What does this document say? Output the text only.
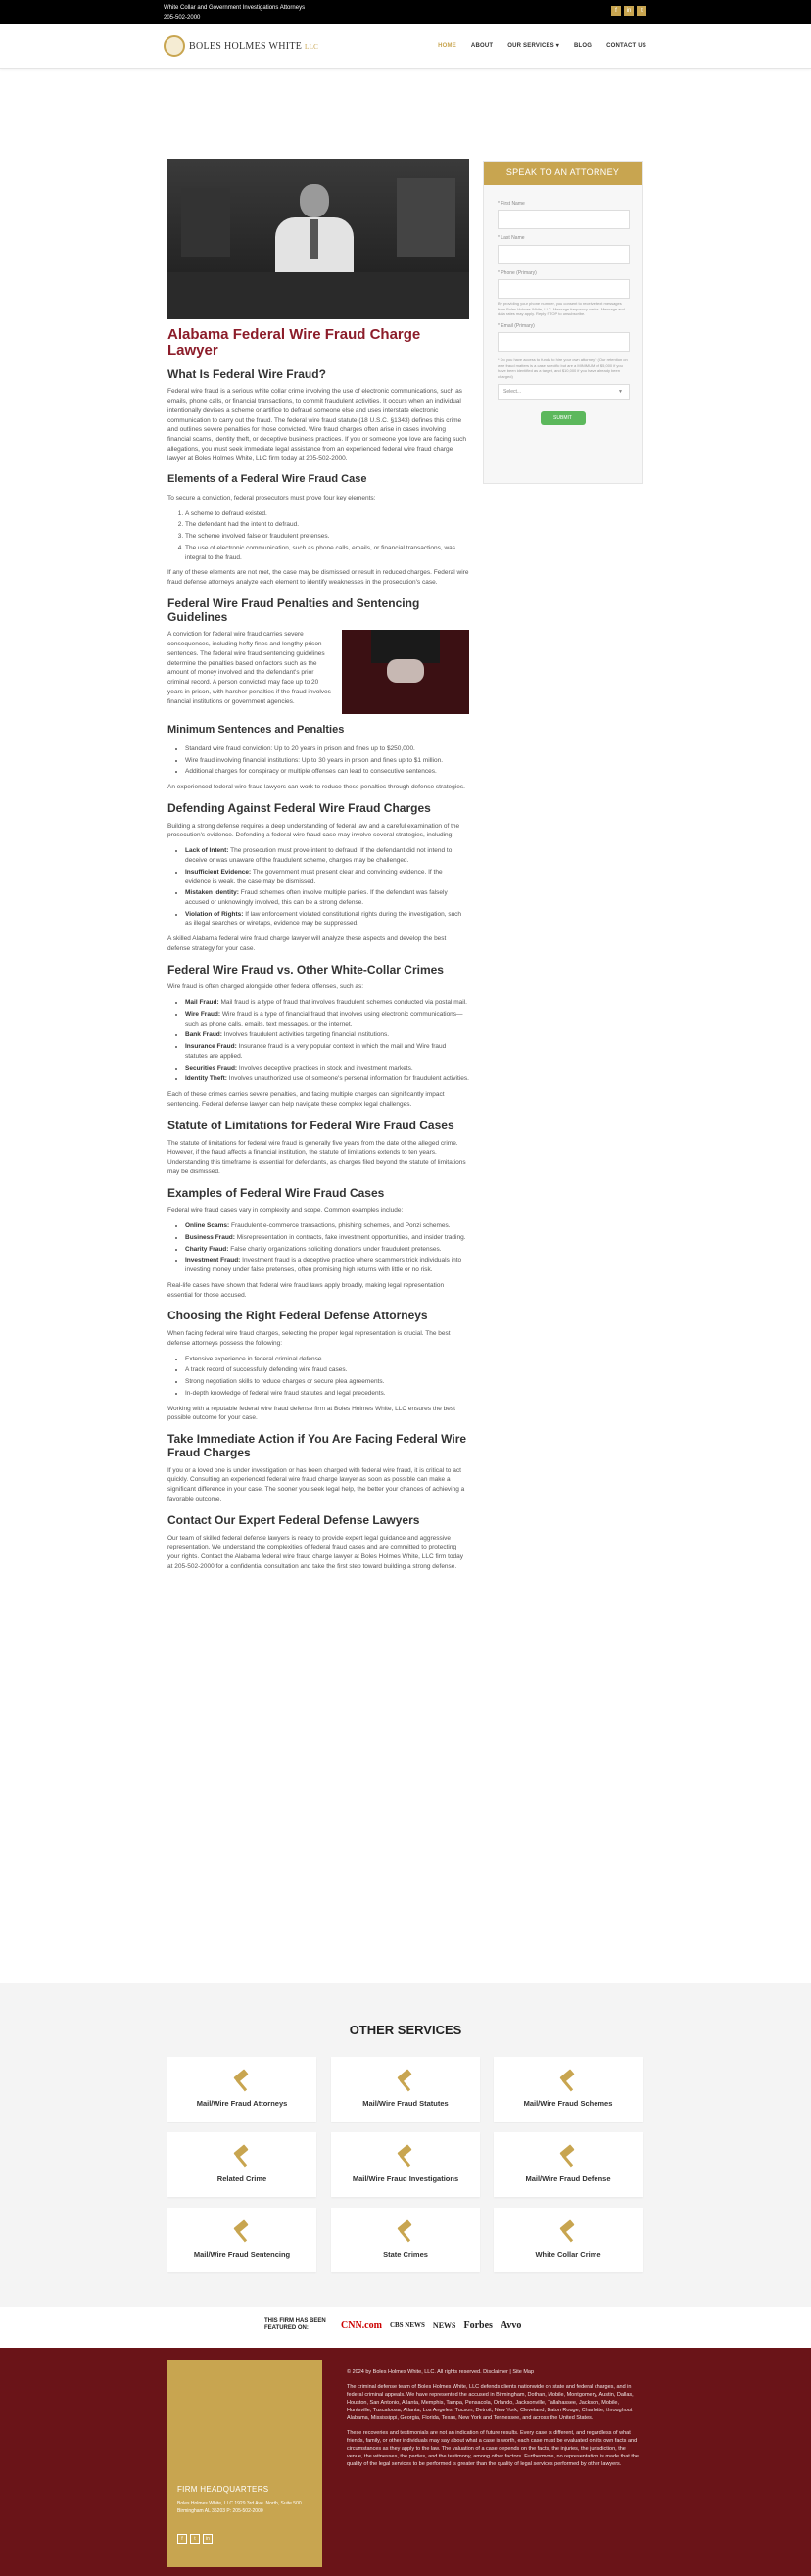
White Collar and Government Investigations Attorneys
205-502-2000
f	in	t
BOLES HOLMES WHITE LLC	HOME	ABOUT	OUR SERVICES ▾	BLOG	CONTACT US
Alabama Federal Wire Fraud Charge Lawyer
What Is Federal Wire Fraud?

Federal wire fraud is a serious white collar crime involving the use of electronic communications, such as emails, phone calls, or financial transactions, to commit fraudulent activities. It occurs when an individual intentionally devises a scheme or artifice to defraud someone else and uses interstate electronic communication to carry out the fraud. The federal wire fraud statute (18 U.S.C. §1343) defines this crime and outlines severe penalties for those convicted. Wire fraud charges often arise in cases involving financial scams, identity theft, or deceptive business practices. If you or someone you love are facing such allegations, you must seek immediate legal assistance from an experienced federal wire fraud charge lawyer at Boles Holmes White, LLC firm today at 205-502-2000.

Elements of a Federal Wire Fraud Case

To secure a conviction, federal prosecutors must prove four key elements:

1. A scheme to defraud existed.
2. The defendant had the intent to defraud.
3. The scheme involved false or fraudulent pretenses.
4. The use of electronic communication, such as phone calls, emails, or financial transactions, was integral to the fraud.

If any of these elements are not met, the case may be dismissed or result in reduced charges. Federal wire fraud defense attorneys analyze each element to identify weaknesses in the prosecution's case.

Federal Wire Fraud Penalties and Sentencing Guidelines

A conviction for federal wire fraud carries severe consequences, including hefty fines and lengthy prison sentences. The federal wire fraud sentencing guidelines determine the penalties based on factors such as the amount of money involved and the defendant's prior criminal record. A person convicted may face up to 20 years in prison, with harsher penalties if the fraud involves financial institutions or government agencies.

Minimum Sentences and Penalties
• Standard wire fraud conviction: Up to 20 years in prison and fines up to $250,000.
• Wire fraud involving financial institutions: Up to 30 years in prison and fines up to $1 million.
• Additional charges for conspiracy or multiple offenses can lead to consecutive sentences.

An experienced federal wire fraud lawyers can work to reduce these penalties through defense strategies.

Defending Against Federal Wire Fraud Charges

Building a strong defense requires a deep understanding of federal law and a careful examination of the prosecution's evidence. Defending a federal wire fraud case may involve several strategies, including:

• Lack of Intent: The prosecution must prove intent to defraud. If the defendant did not intend to deceive or was unaware of the fraudulent scheme, charges may be challenged.
• Insufficient Evidence: The government must present clear and convincing evidence. If the evidence is weak, the case may be dismissed.
• Mistaken Identity: Fraud schemes often involve multiple parties. If the defendant was falsely accused or unknowingly involved, this can be a strong defense.
• Violation of Rights: If law enforcement violated constitutional rights during the investigation, such as illegal searches or wiretaps, evidence may be suppressed.

A skilled Alabama federal wire fraud charge lawyer will analyze these aspects and develop the best defense strategy for your case.

Federal Wire Fraud vs. Other White-Collar Crimes

Wire fraud is often charged alongside other federal offenses, such as:

• Mail Fraud: Mail fraud is a type of fraud that involves fraudulent schemes conducted via postal mail.
• Wire Fraud: Wire fraud is a type of financial fraud that involves using electronic communications—such as phone calls, emails, text messages, or the internet.
• Bank Fraud: Involves fraudulent activities targeting financial institutions.
• Insurance Fraud: Insurance fraud is a very popular context in which the mail and Wire fraud statutes are applied.
• Securities Fraud: Involves deceptive practices in stock and investment markets.
• Identity Theft: Involves unauthorized use of someone's personal information for fraudulent activities.

Each of these crimes carries severe penalties, and facing multiple charges can significantly impact sentencing. Federal defense lawyer can help navigate these complex legal challenges.

Statute of Limitations for Federal Wire Fraud Cases

The statute of limitations for federal wire fraud is generally five years from the date of the alleged crime. However, if the fraud affects a financial institution, the statute of limitations extends to ten years. Understanding this timeframe is essential for defendants, as charges filed beyond the statute of limitations may be dismissed.

Examples of Federal Wire Fraud Cases

Federal wire fraud cases vary in complexity and scope. Common examples include:

• Online Scams: Fraudulent e-commerce transactions, phishing schemes, and Ponzi schemes.
• Business Fraud: Misrepresentation in contracts, fake investment opportunities, and insider trading.
• Charity Fraud: False charity organizations soliciting donations under fraudulent pretenses.
• Investment Fraud: Investment fraud is a deceptive practice where scammers trick individuals into investing money under false pretenses, often promising high returns with little or no risk.

Real-life cases have shown that federal wire fraud laws apply broadly, making legal representation essential for those accused.

Choosing the Right Federal Defense Attorneys

When facing federal wire fraud charges, selecting the proper legal representation is crucial. The best defense attorneys possess the following:

• Extensive experience in federal criminal defense.
• A track record of successfully defending wire fraud cases.
• Strong negotiation skills to reduce charges or secure plea agreements.
• In-depth knowledge of federal wire fraud statutes and legal precedents.

Working with a reputable federal wire fraud defense firm at Boles Holmes White, LLC ensures the best possible outcome for your case.

Take Immediate Action if You Are Facing Federal Wire Fraud Charges

If you or a loved one is under investigation or has been charged with federal wire fraud, it is critical to act quickly. Consulting an experienced federal wire fraud charge lawyer as soon as possible can make a significant difference in your case. The sooner you seek legal help, the better your chances of achieving a favorable outcome.

Contact Our Expert Federal Defense Lawyers

Our team of skilled federal defense lawyers is ready to provide expert legal guidance and aggressive representation. We understand the complexities of federal fraud cases and are committed to protecting your rights. Contact the Alabama federal wire fraud charge lawyer at Boles Holmes White, LLC firm today at 205-502-2000 for a confidential consultation and take the first step toward building a strong defense.

SPEAK TO AN ATTORNEY
* First Name
* Last Name
* Phone (Primary)
By providing your phone number, you consent to receive text messages from Boles Holmes White, LLC. Message frequency varies. Message and data rates may apply. Reply STOP to unsubscribe.
* Email (Primary)
* Do you have access to funds to hire your own attorney? (Our retention on wire fraud matters is a case specific but are a MINIMUM of $5,000 if you have been identified as a target, and $10,000 if you have already been charged)
Select...	▼
SUBMIT
OTHER SERVICES
Mail/Wire Fraud Attorneys	Mail/Wire Fraud Statutes	Mail/Wire Fraud Schemes
Related Crime	Mail/Wire Fraud Investigations	Mail/Wire Fraud Defense
Mail/Wire Fraud Sentencing	State Crimes	White Collar Crime
THIS FIRM HAS BEEN FEATURED ON:	CNN.com CBS NEWS NEWS Forbes Avvo
FIRM HEADQUARTERS
Boles Holmes White, LLC 1929 3rd Ave. North, Suite 500 Birmingham AL 35203 P: 205-502-2000
f	t	in

© 2024 by Boles Holmes White, LLC. All rights reserved. Disclaimer | Site Map

The criminal defense team of Boles Holmes White, LLC defends clients nationwide on state and federal charges, and in federal criminal appeals. We have represented the accused in Birmingham, Dothan, Mobile, Montgomery, Austin, Dallas, Houston, San Antonio, Atlanta, Memphis, Tampa, Pensacola, Orlando, Jacksonville, Tallahassee, Jackson, Mobile, Huntsville, Tuscaloosa, Atlanta, Los Angeles, Tucson, Detroit, New York, Cleveland, Baton Rouge, Charlotte, throughout Alabama, Mississippi, Georgia, Florida, Texas, New York and Tennessee, and across the United States.

These recoveries and testimonials are not an indication of future results. Every case is different, and regardless of what friends, family, or other individuals may say about what a case is worth, each case must be evaluated on its own facts and circumstances as they apply to the law. The valuation of a case depends on the facts, the injuries, the jurisdiction, the venue, the witnesses, the parties, and the testimony, among other factors. Furthermore, no representation is made that the quality of the legal services to be performed is greater than the quality of legal services performed by other lawyers.
